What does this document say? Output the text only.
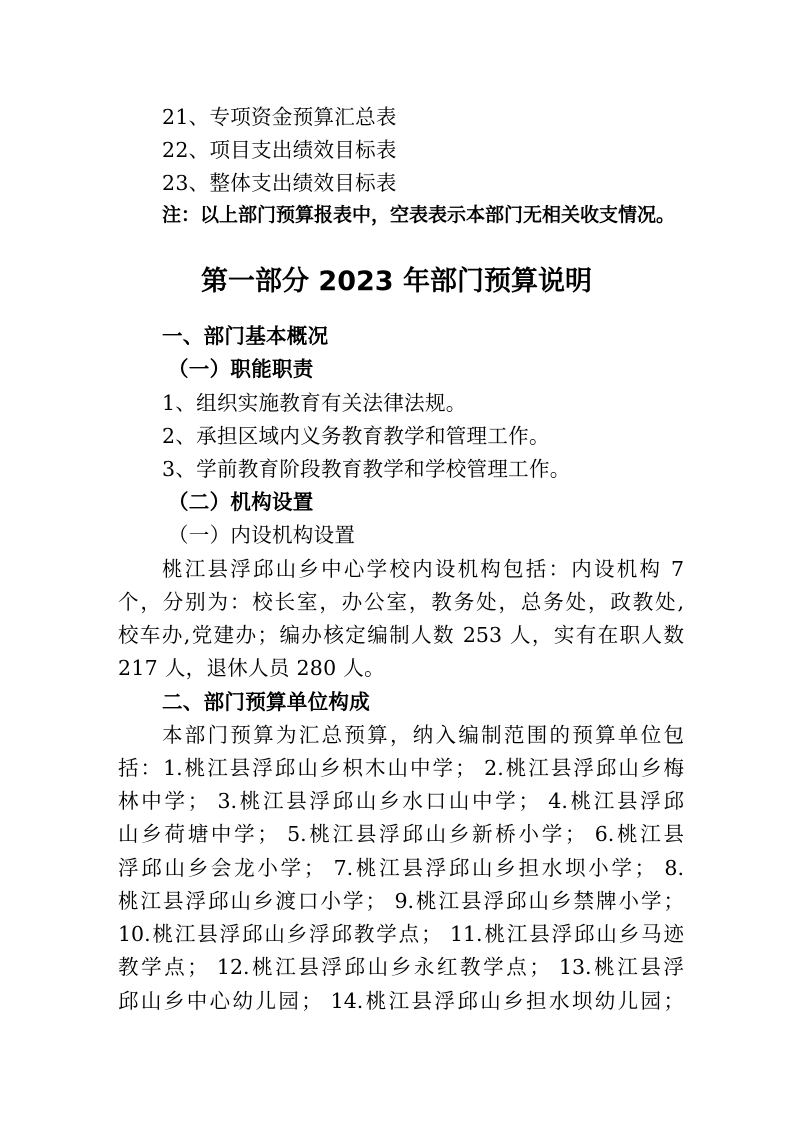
21、专项资金预算汇总表
22、项目支出绩效目标表
23、整体支出绩效目标表
注：以上部门预算报表中，空表表示本部门无相关收支情况。
第一部分 2023 年部门预算说明
一、部门基本概况
（一）职能职责
1、组织实施教育有关法律法规。
2、承担区域内义务教育教学和管理工作。
3、学前教育阶段教育教学和学校管理工作。
（二）机构设置
（一）内设机构设置
桃江县浮邱山乡中心学校内设机构包括：内设机构 7
个，分别为：校长室，办公室，教务处，总务处，政教处,
校车办,党建办；编办核定编制人数 253 人，实有在职人数
217 人，退休人员 280 人。
二、部门预算单位构成
本部门预算为汇总预算，纳入编制范围的预算单位包
括：1.桃江县浮邱山乡枳木山中学； 2.桃江县浮邱山乡梅
林中学； 3.桃江县浮邱山乡水口山中学； 4.桃江县浮邱
山乡荷塘中学； 5.桃江县浮邱山乡新桥小学； 6.桃江县
浮邱山乡会龙小学； 7.桃江县浮邱山乡担水坝小学； 8.
桃江县浮邱山乡渡口小学； 9.桃江县浮邱山乡禁牌小学；
10.桃江县浮邱山乡浮邱教学点； 11.桃江县浮邱山乡马迹
教学点； 12.桃江县浮邱山乡永红教学点； 13.桃江县浮
邱山乡中心幼儿园； 14.桃江县浮邱山乡担水坝幼儿园；
